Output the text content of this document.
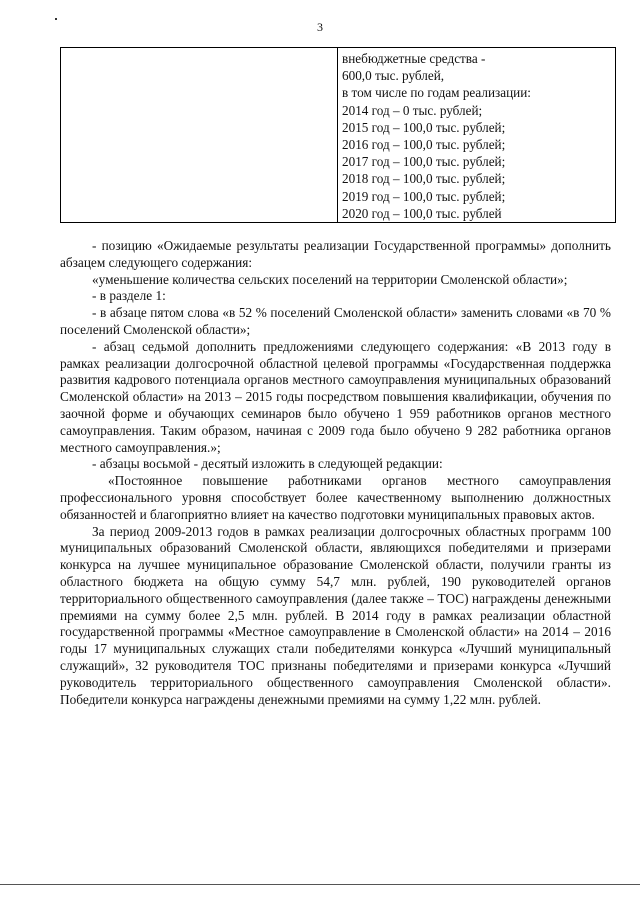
3

внебюджетные средства -
600,0 тыс. рублей,
в том числе по годам реализации:
2014 год – 0 тыс. рублей;
2015 год – 100,0 тыс. рублей;
2016 год – 100,0 тыс. рублей;
2017 год – 100,0 тыс. рублей;
2018 год – 100,0 тыс. рублей;
2019 год – 100,0 тыс. рублей;
2020 год – 100,0 тыс. рублей

- позицию «Ожидаемые результаты реализации Государственной программы» дополнить абзацем следующего содержания:

«уменьшение количества сельских поселений на территории Смоленской области»;

- в разделе 1:

- в абзаце пятом слова «в 52 % поселений Смоленской области» заменить словами «в 70 % поселений Смоленской области»;

- абзац седьмой дополнить предложениями следующего содержания: «В 2013 году в рамках реализации долгосрочной областной целевой программы «Государственная поддержка развития кадрового потенциала органов местного самоуправления муниципальных образований Смоленской области» на 2013 – 2015 годы посредством повышения квалификации, обучения по заочной форме и обучающих семинаров было обучено 1 959 работников органов местного самоуправления. Таким образом, начиная с 2009 года было обучено 9 282 работника органов местного самоуправления.»;

- абзацы восьмой - десятый изложить в следующей редакции:

«Постоянное повышение работниками органов местного самоуправления профессионального уровня способствует более качественному выполнению должностных обязанностей и благоприятно влияет на качество подготовки муниципальных правовых актов.

За период 2009-2013 годов в рамках реализации долгосрочных областных программ 100 муниципальных образований Смоленской области, являющихся победителями и призерами конкурса на лучшее муниципальное образование Смоленской области, получили гранты из областного бюджета на общую сумму 54,7 млн. рублей, 190 руководителей органов территориального общественного самоуправления (далее также – ТОС) награждены денежными премиями на сумму более 2,5 млн. рублей. В 2014 году в рамках реализации областной государственной программы «Местное самоуправление в Смоленской области» на 2014 – 2016 годы 17 муниципальных служащих стали победителями конкурса «Лучший муниципальный служащий», 32 руководителя ТОС признаны победителями и призерами конкурса «Лучший руководитель территориального общественного самоуправления Смоленской области». Победители конкурса награждены денежными премиями на сумму 1,22 млн. рублей.
